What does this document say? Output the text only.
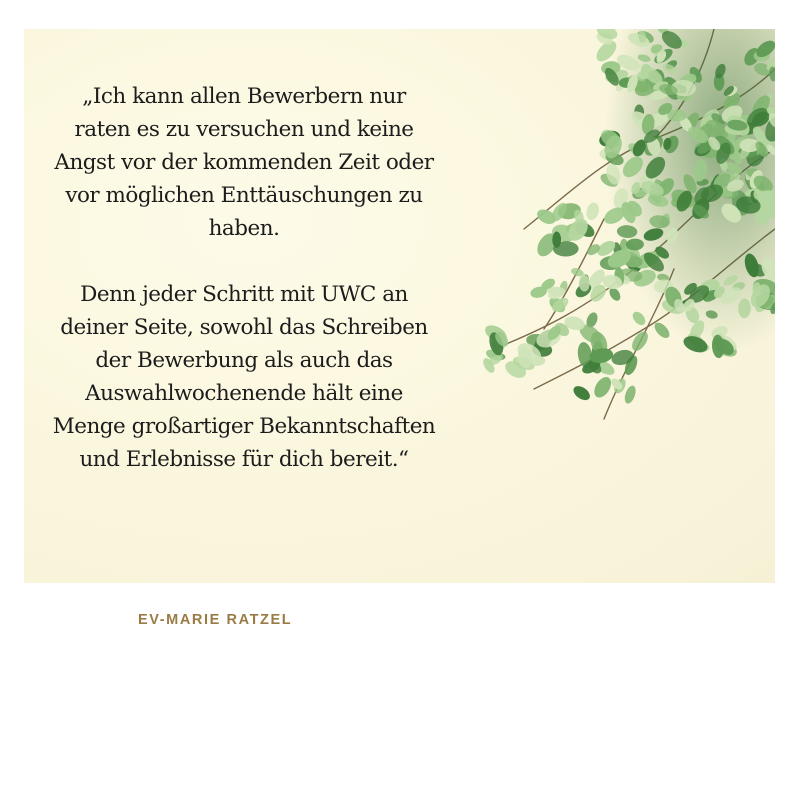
„Ich kann allen Bewerbern nur raten es zu versuchen und keine Angst vor der kommenden Zeit oder vor möglichen Enttäuschungen zu haben.

Denn jeder Schritt mit UWC an deiner Seite, sowohl das Schreiben der Bewerbung als auch das Auswahlwochenende hält eine Menge großartiger Bekanntschaften und Erlebnisse für dich bereit.“

EV-MARIE RATZEL
